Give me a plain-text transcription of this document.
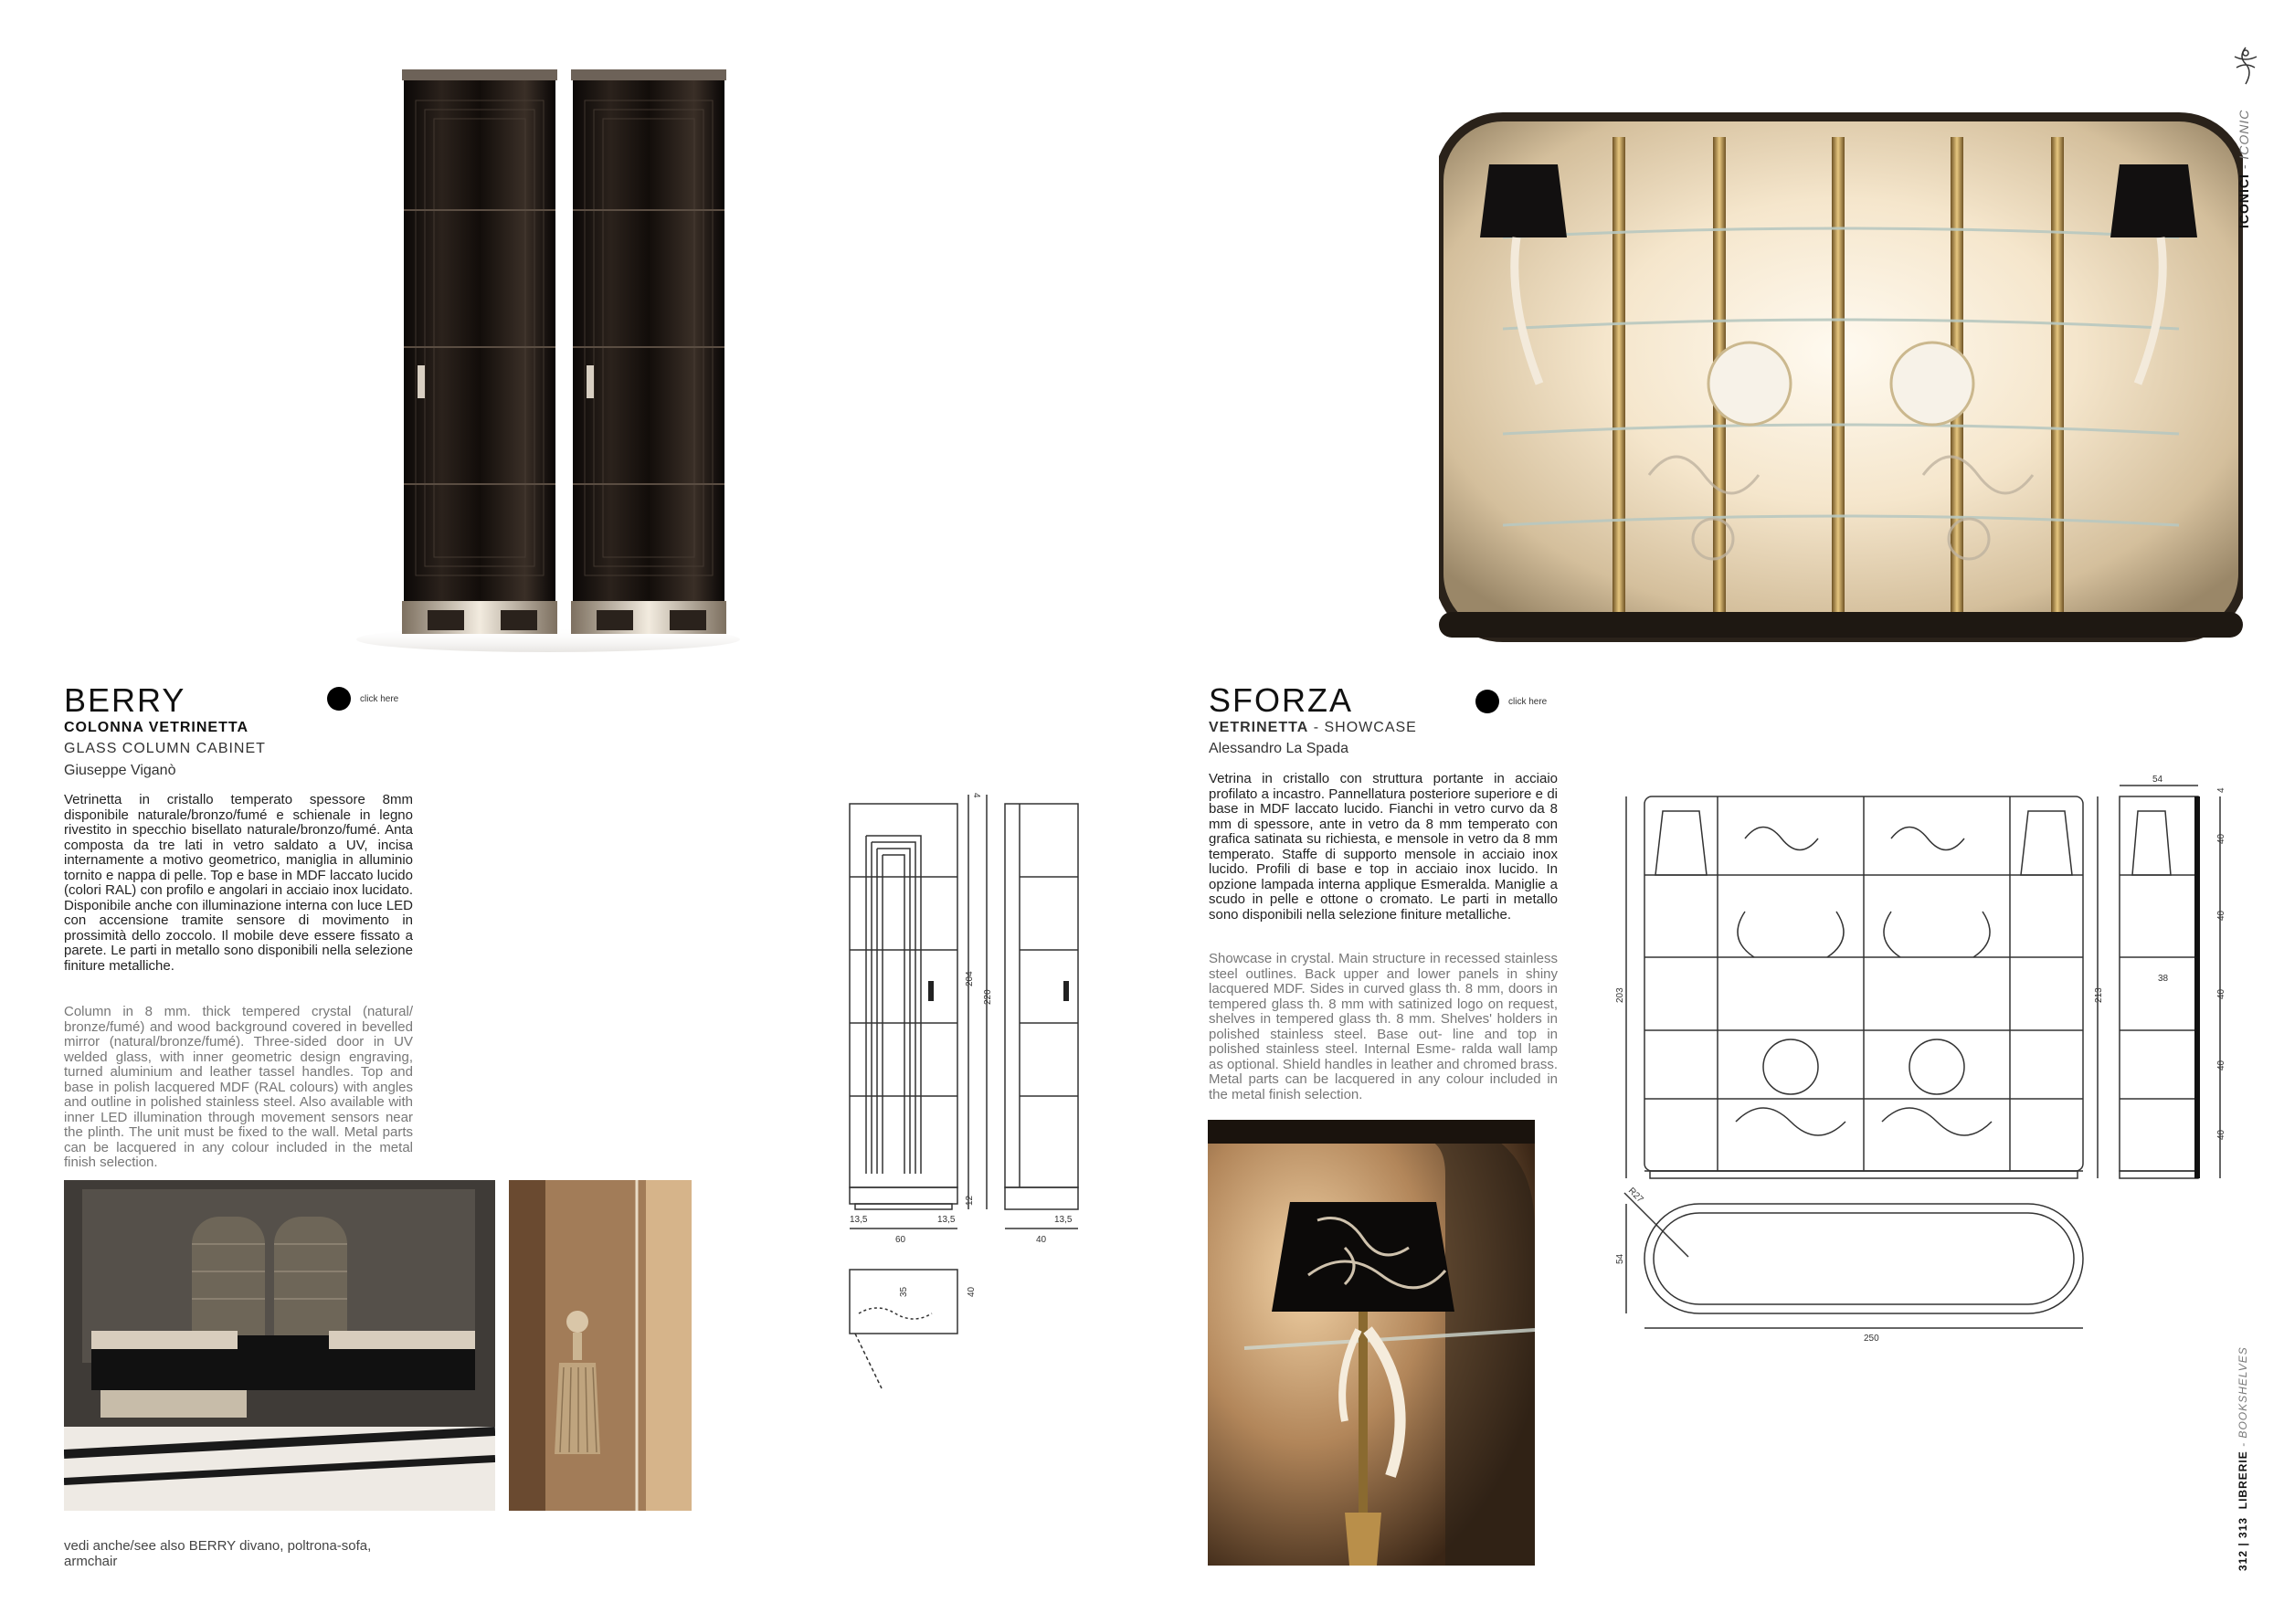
BERRY	click here
COLONNA VETRINETTA
GLASS COLUMN CABINET
Giuseppe Viganò
Vetrinetta in cristallo temperato spessore 8mm disponibile naturale/bronzo/fumé e schienale in legno rivestito in specchio bisellato naturale/bronzo/fumé. Anta composta da tre lati in vetro saldato a UV, incisa internamente a motivo geometrico, maniglia in alluminio tornito e nappa di pelle. Top e base in MDF laccato lucido (colori RAL) con profilo e angolari in acciaio inox lucidato. Disponibile anche con illuminazione interna con luce LED con accensione tramite sensore di movimento in prossimità dello zoccolo. Il mobile deve essere fissato a parete. Le parti in metallo sono disponibili nella selezione finiture metalliche.
Column in 8 mm. thick tempered crystal (natural/ bronze/fumé) and wood background covered in bevelled mirror (natural/bronze/fumé). Three-sided door in UV welded glass, with inner geometric design engraving, turned aluminium and leather tassel handles. Top and base in polish lacquered MDF (RAL colours) with angles and outline in polished stainless steel. Also available with inner LED illumination through movement sensors near the plinth. The unit must be fixed to the wall. Metal parts can be lacquered in any colour included in the metal finish selection.
vedi anche/see also BERRY divano, poltrona-sofa, armchair
4
204
220
12
13,5	13,5
60
13,5
40
35	40
SFORZA	click here
VETRINETTA - SHOWCASE
Alessandro La Spada
Vetrina in cristallo con struttura portante in acciaio profilato a incastro. Pannellatura posteriore superiore e di base in MDF laccato lucido. Fianchi in vetro curvo da 8 mm di spessore, ante in vetro da 8 mm temperato con grafica satinata su richiesta, e mensole in vetro da 8 mm temperato. Staffe di supporto mensole in acciaio inox lucido. Profili di base e top in acciaio inox lucido. In opzione lampada interna applique Esmeralda. Maniglie a scudo in pelle e ottone o cromato. Le parti in metallo sono disponibili nella selezione finiture metalliche.
Showcase in crystal. Main structure in recessed stainless steel outlines. Back upper and lower panels in shiny lacquered MDF. Sides in curved glass th. 8 mm, doors in tempered glass th. 8 mm with satinized logo on request, shelves in tempered glass th. 8 mm. Shelves' holders in polished stainless steel. Base out- line and top in polished stainless steel. Internal Esme- ralda wall lamp as optional. Shield handles in leather and chromed brass. Metal parts can be lacquered in any colour included in the metal finish selection.
203
250
54
213
4
40
40
40
40
40
38
54
R27
ICONICI - ICONIC
312 | 313  LIBRERIE - BOOKSHELVES
